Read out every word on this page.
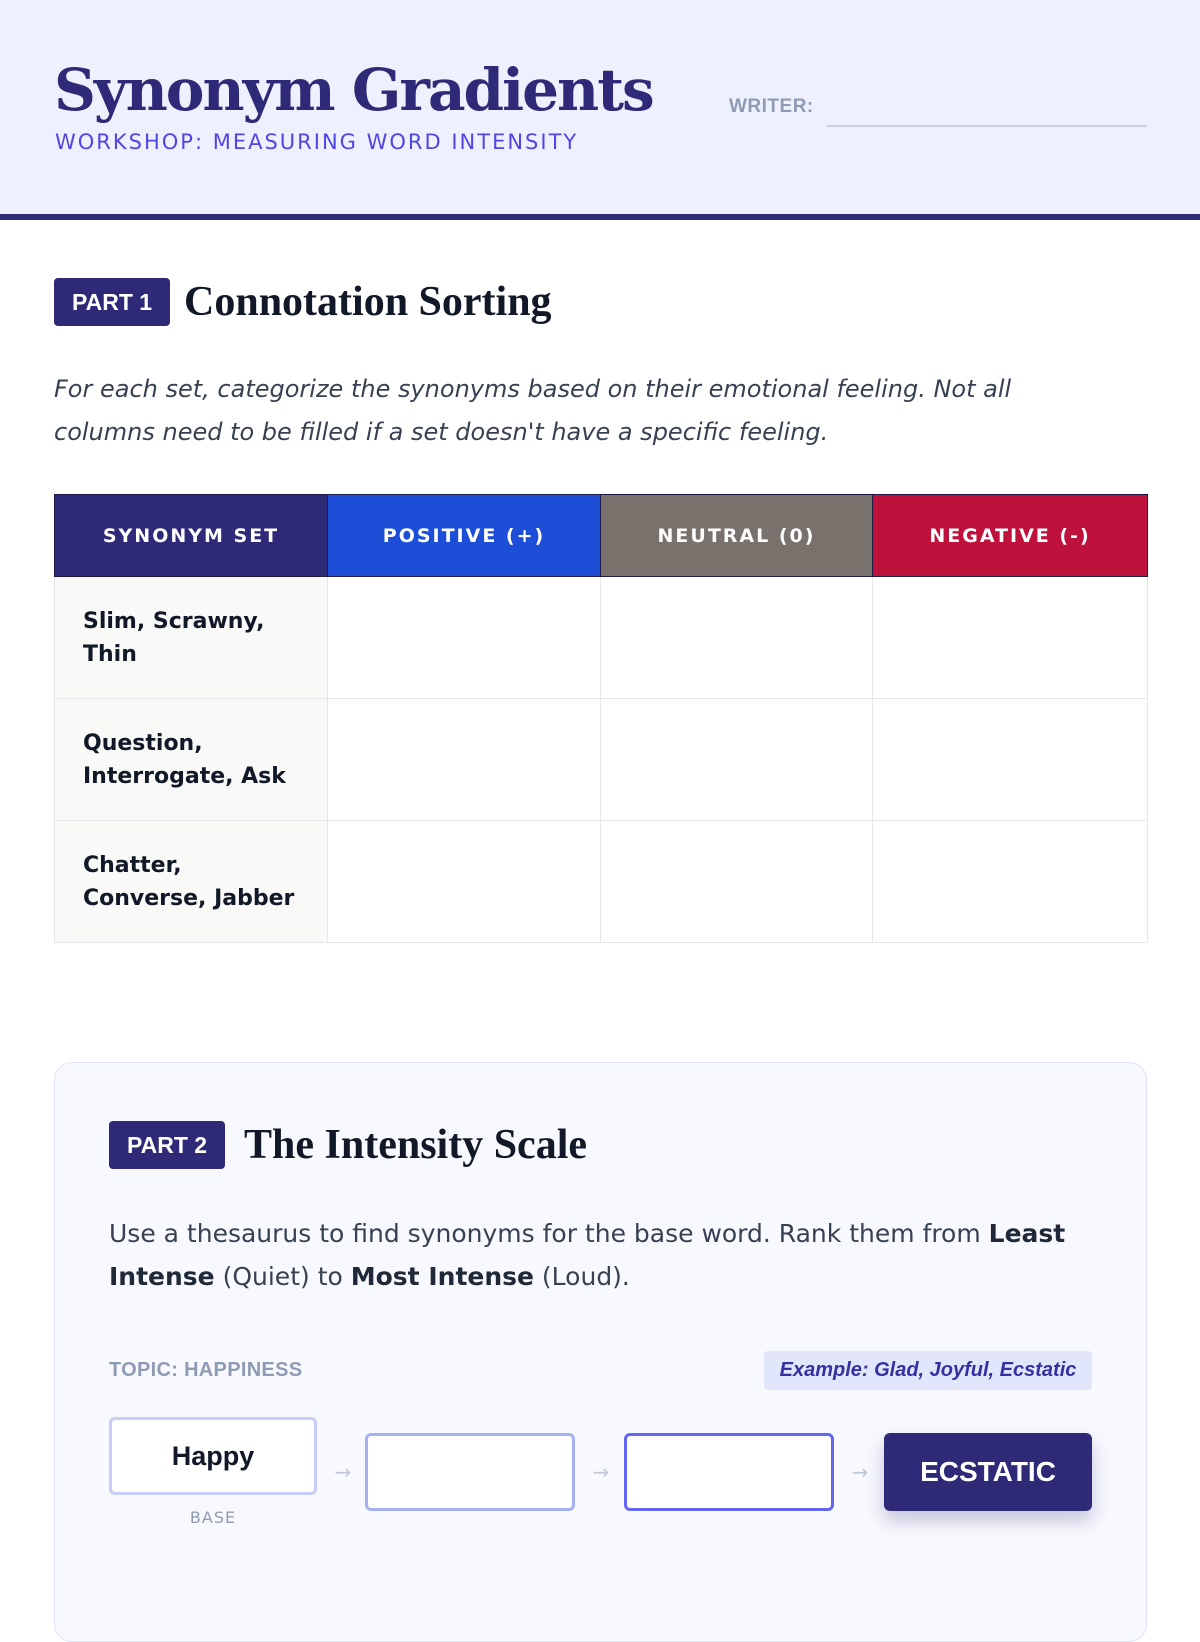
Synonym Gradients
WORKSHOP: MEASURING WORD INTENSITY
WRITER:
PART 1 Connotation Sorting
For each set, categorize the synonyms based on their emotional feeling. Not all columns need to be filled if a set doesn't have a specific feeling.
SYNONYM SET	POSITIVE (+)	NEUTRAL (0)	NEGATIVE (-)
Slim, Scrawny, Thin			
Question, Interrogate, Ask			
Chatter, Converse, Jabber			
PART 2 The Intensity Scale
Use a thesaurus to find synonyms for the base word. Rank them from Least Intense (Quiet) to Most Intense (Loud).
TOPIC: HAPPINESS	Example: Glad, Joyful, Ecstatic
Happy
BASE
→	→	→	ECSTATIC
